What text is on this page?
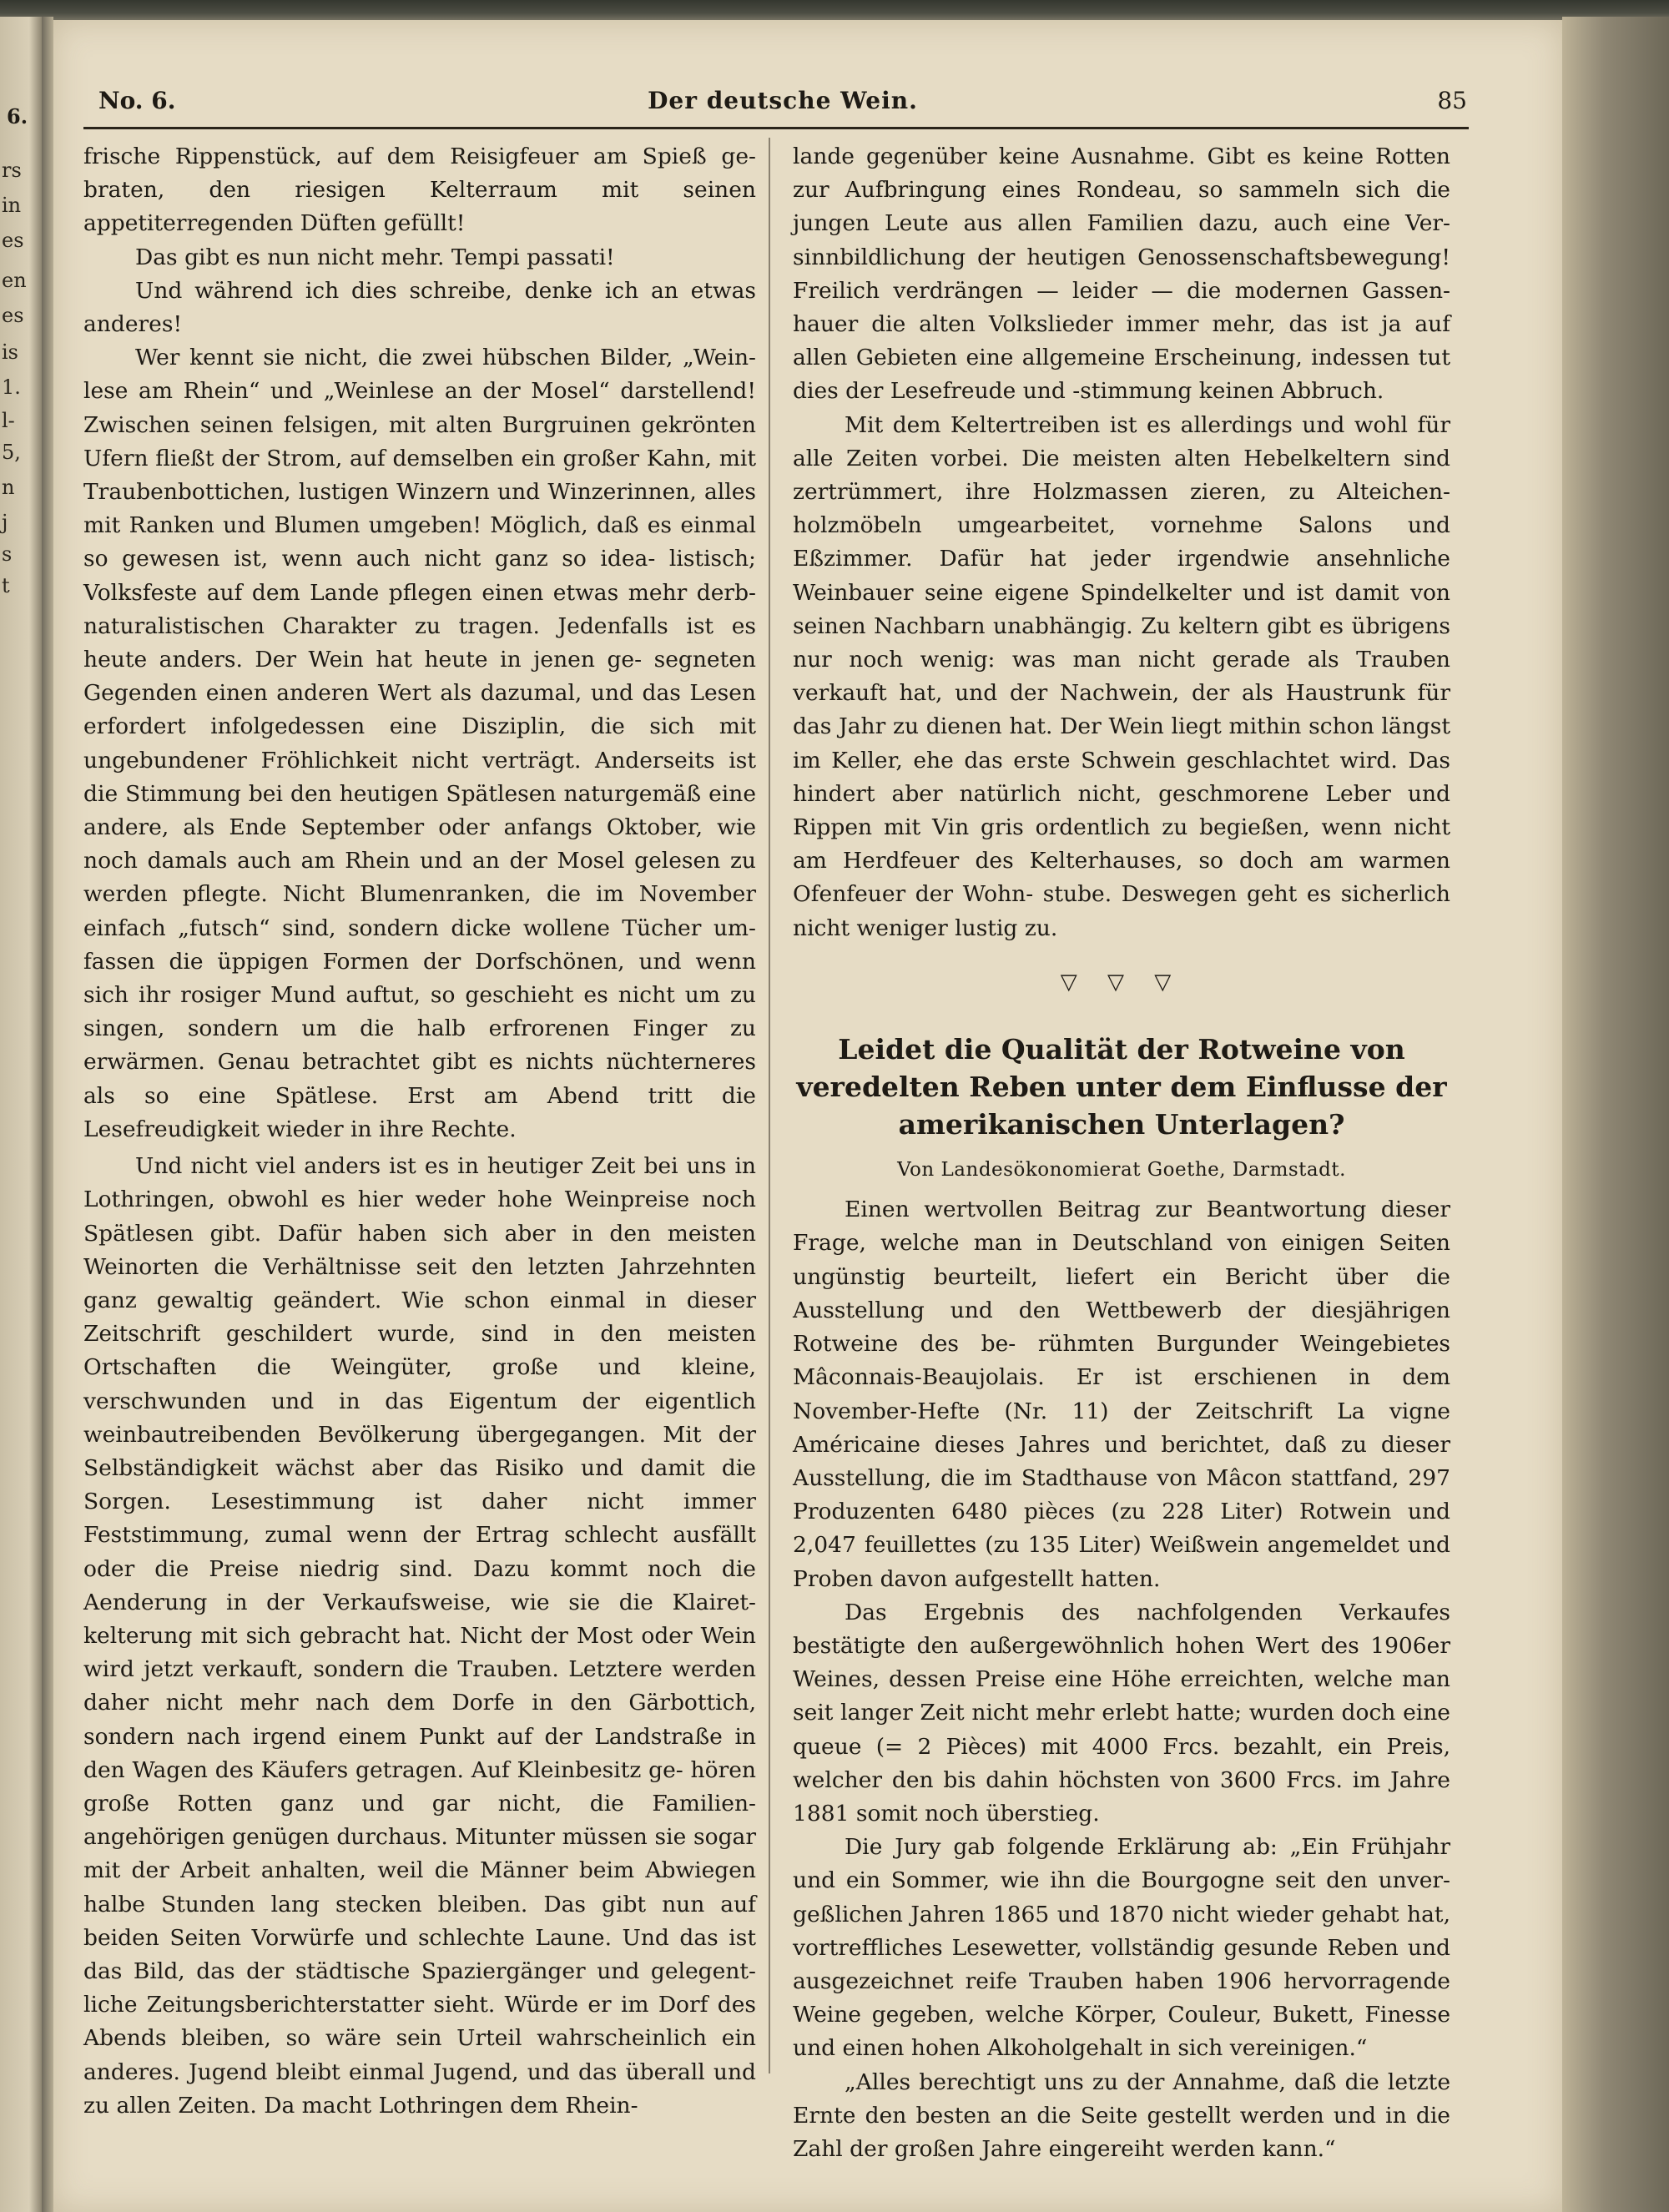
6.
rs
in
es
en
es
is
1.
l-
5,
n
j
s
t
No. 6.	Der deutsche Wein.	85

frische Rippenstück, auf dem Reisigfeuer am Spieß ge- braten, den riesigen Kelterraum mit seinen appetiterregenden Düften gefüllt!

Das gibt es nun nicht mehr. Tempi passati!

Und während ich dies schreibe, denke ich an etwas anderes!

Wer kennt sie nicht, die zwei hübschen Bilder, „Wein- lese am Rhein“ und „Weinlese an der Mosel“ darstellend! Zwischen seinen felsigen, mit alten Burgruinen gekrönten Ufern fließt der Strom, auf demselben ein großer Kahn, mit Traubenbottichen, lustigen Winzern und Winzerinnen, alles mit Ranken und Blumen umgeben! Möglich, daß es einmal so gewesen ist, wenn auch nicht ganz so idea- listisch; Volksfeste auf dem Lande pflegen einen etwas mehr derb-naturalistischen Charakter zu tragen. Jedenfalls ist es heute anders. Der Wein hat heute in jenen ge- segneten Gegenden einen anderen Wert als dazumal, und das Lesen erfordert infolgedessen eine Disziplin, die sich mit ungebundener Fröhlichkeit nicht verträgt. Anderseits ist die Stimmung bei den heutigen Spätlesen naturgemäß eine andere, als Ende September oder anfangs Oktober, wie noch damals auch am Rhein und an der Mosel gelesen zu werden pflegte. Nicht Blumenranken, die im November einfach „futsch“ sind, sondern dicke wollene Tücher um- fassen die üppigen Formen der Dorfschönen, und wenn sich ihr rosiger Mund auftut, so geschieht es nicht um zu singen, sondern um die halb erfrorenen Finger zu erwärmen. Genau betrachtet gibt es nichts nüchterneres als so eine Spätlese. Erst am Abend tritt die Lesefreudigkeit wieder in ihre Rechte.

Und nicht viel anders ist es in heutiger Zeit bei uns in Lothringen, obwohl es hier weder hohe Weinpreise noch Spätlesen gibt. Dafür haben sich aber in den meisten Weinorten die Verhältnisse seit den letzten Jahrzehnten ganz gewaltig geändert. Wie schon einmal in dieser Zeitschrift geschildert wurde, sind in den meisten Ortschaften die Weingüter, große und kleine, verschwunden und in das Eigentum der eigentlich weinbautreibenden Bevölkerung übergegangen. Mit der Selbständigkeit wächst aber das Risiko und damit die Sorgen. Lesestimmung ist daher nicht immer Feststimmung, zumal wenn der Ertrag schlecht ausfällt oder die Preise niedrig sind. Dazu kommt noch die Aenderung in der Verkaufsweise, wie sie die Klairet- kelterung mit sich gebracht hat. Nicht der Most oder Wein wird jetzt verkauft, sondern die Trauben. Letztere werden daher nicht mehr nach dem Dorfe in den Gärbottich, sondern nach irgend einem Punkt auf der Landstraße in den Wagen des Käufers getragen. Auf Kleinbesitz ge- hören große Rotten ganz und gar nicht, die Familien- angehörigen genügen durchaus. Mitunter müssen sie sogar mit der Arbeit anhalten, weil die Männer beim Abwiegen halbe Stunden lang stecken bleiben. Das gibt nun auf beiden Seiten Vorwürfe und schlechte Laune. Und das ist das Bild, das der städtische Spaziergänger und gelegent- liche Zeitungsberichterstatter sieht. Würde er im Dorf des Abends bleiben, so wäre sein Urteil wahrscheinlich ein anderes. Jugend bleibt einmal Jugend, und das überall und zu allen Zeiten. Da macht Lothringen dem Rhein-

lande gegenüber keine Ausnahme. Gibt es keine Rotten zur Aufbringung eines Rondeau, so sammeln sich die jungen Leute aus allen Familien dazu, auch eine Ver- sinnbildlichung der heutigen Genossenschaftsbewegung! Freilich verdrängen — leider — die modernen Gassen- hauer die alten Volkslieder immer mehr, das ist ja auf allen Gebieten eine allgemeine Erscheinung, indessen tut dies der Lesefreude und -stimmung keinen Abbruch.

Mit dem Keltertreiben ist es allerdings und wohl für alle Zeiten vorbei. Die meisten alten Hebelkeltern sind zertrümmert, ihre Holzmassen zieren, zu Alteichen- holzmöbeln umgearbeitet, vornehme Salons und Eßzimmer. Dafür hat jeder irgendwie ansehnliche Weinbauer seine eigene Spindelkelter und ist damit von seinen Nachbarn unabhängig. Zu keltern gibt es übrigens nur noch wenig: was man nicht gerade als Trauben verkauft hat, und der Nachwein, der als Haustrunk für das Jahr zu dienen hat. Der Wein liegt mithin schon längst im Keller, ehe das erste Schwein geschlachtet wird. Das hindert aber natürlich nicht, geschmorene Leber und Rippen mit Vin gris ordentlich zu begießen, wenn nicht am Herdfeuer des Kelterhauses, so doch am warmen Ofenfeuer der Wohn- stube. Deswegen geht es sicherlich nicht weniger lustig zu.

▽ ▽ ▽
Leidet die Qualität der Rotweine von veredelten Reben unter dem Einflusse der amerikanischen Unterlagen?
Von Landesökonomierat Goethe, Darmstadt.

Einen wertvollen Beitrag zur Beantwortung dieser Frage, welche man in Deutschland von einigen Seiten ungünstig beurteilt, liefert ein Bericht über die Ausstellung und den Wettbewerb der diesjährigen Rotweine des be- rühmten Burgunder Weingebietes Mâconnais-Beaujolais. Er ist erschienen in dem November-Hefte (Nr. 11) der Zeitschrift La vigne Américaine dieses Jahres und berichtet, daß zu dieser Ausstellung, die im Stadthause von Mâcon stattfand, 297 Produzenten 6480 pièces (zu 228 Liter) Rotwein und 2,047 feuillettes (zu 135 Liter) Weißwein angemeldet und Proben davon aufgestellt hatten.

Das Ergebnis des nachfolgenden Verkaufes bestätigte den außergewöhnlich hohen Wert des 1906er Weines, dessen Preise eine Höhe erreichten, welche man seit langer Zeit nicht mehr erlebt hatte; wurden doch eine queue (= 2 Pièces) mit 4000 Frcs. bezahlt, ein Preis, welcher den bis dahin höchsten von 3600 Frcs. im Jahre 1881 somit noch überstieg.

Die Jury gab folgende Erklärung ab: „Ein Frühjahr und ein Sommer, wie ihn die Bourgogne seit den unver- geßlichen Jahren 1865 und 1870 nicht wieder gehabt hat, vortreffliches Lesewetter, vollständig gesunde Reben und ausgezeichnet reife Trauben haben 1906 hervorragende Weine gegeben, welche Körper, Couleur, Bukett, Finesse und einen hohen Alkoholgehalt in sich vereinigen.“

„Alles berechtigt uns zu der Annahme, daß die letzte Ernte den besten an die Seite gestellt werden und in die Zahl der großen Jahre eingereiht werden kann.“
